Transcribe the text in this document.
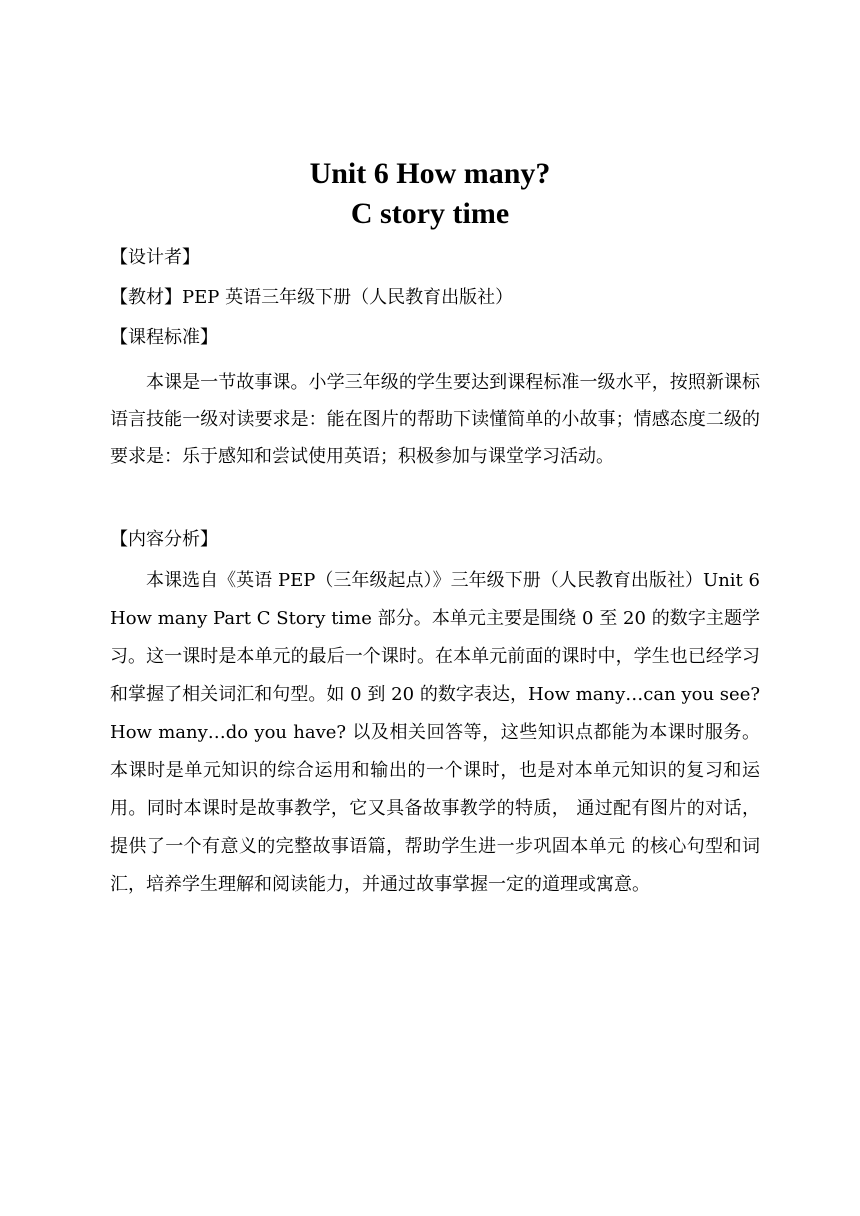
Unit 6 How many?
C story time
【设计者】
【教材】PEP 英语三年级下册（人民教育出版社）
【课程标准】

本课是一节故事课。小学三年级的学生要达到课程标准一级水平，按照新课标语言技能一级对读要求是：能在图片的帮助下读懂简单的小故事；情感态度二级的要求是：乐于感知和尝试使用英语；积极参加与课堂学习活动。

【内容分析】

本课选自《英语 PEP（三年级起点）》三年级下册（人民教育出版社）Unit 6 How many Part C Story time 部分。本单元主要是围绕 0 至 20 的数字主题学习。这一课时是本单元的最后一个课时。在本单元前面的课时中，学生也已经学习和掌握了相关词汇和句型。如 0 到 20 的数字表达，How many…can you see? How many…do you have? 以及相关回答等，这些知识点都能为本课时服务。本课时是单元知识的综合运用和输出的一个课时，也是对本单元知识的复习和运用。同时本课时是故事教学，它又具备故事教学的特质， 通过配有图片的对话，提供了一个有意义的完整故事语篇，帮助学生进一步巩固本单元 的核心句型和词汇，培养学生理解和阅读能力，并通过故事掌握一定的道理或寓意。
